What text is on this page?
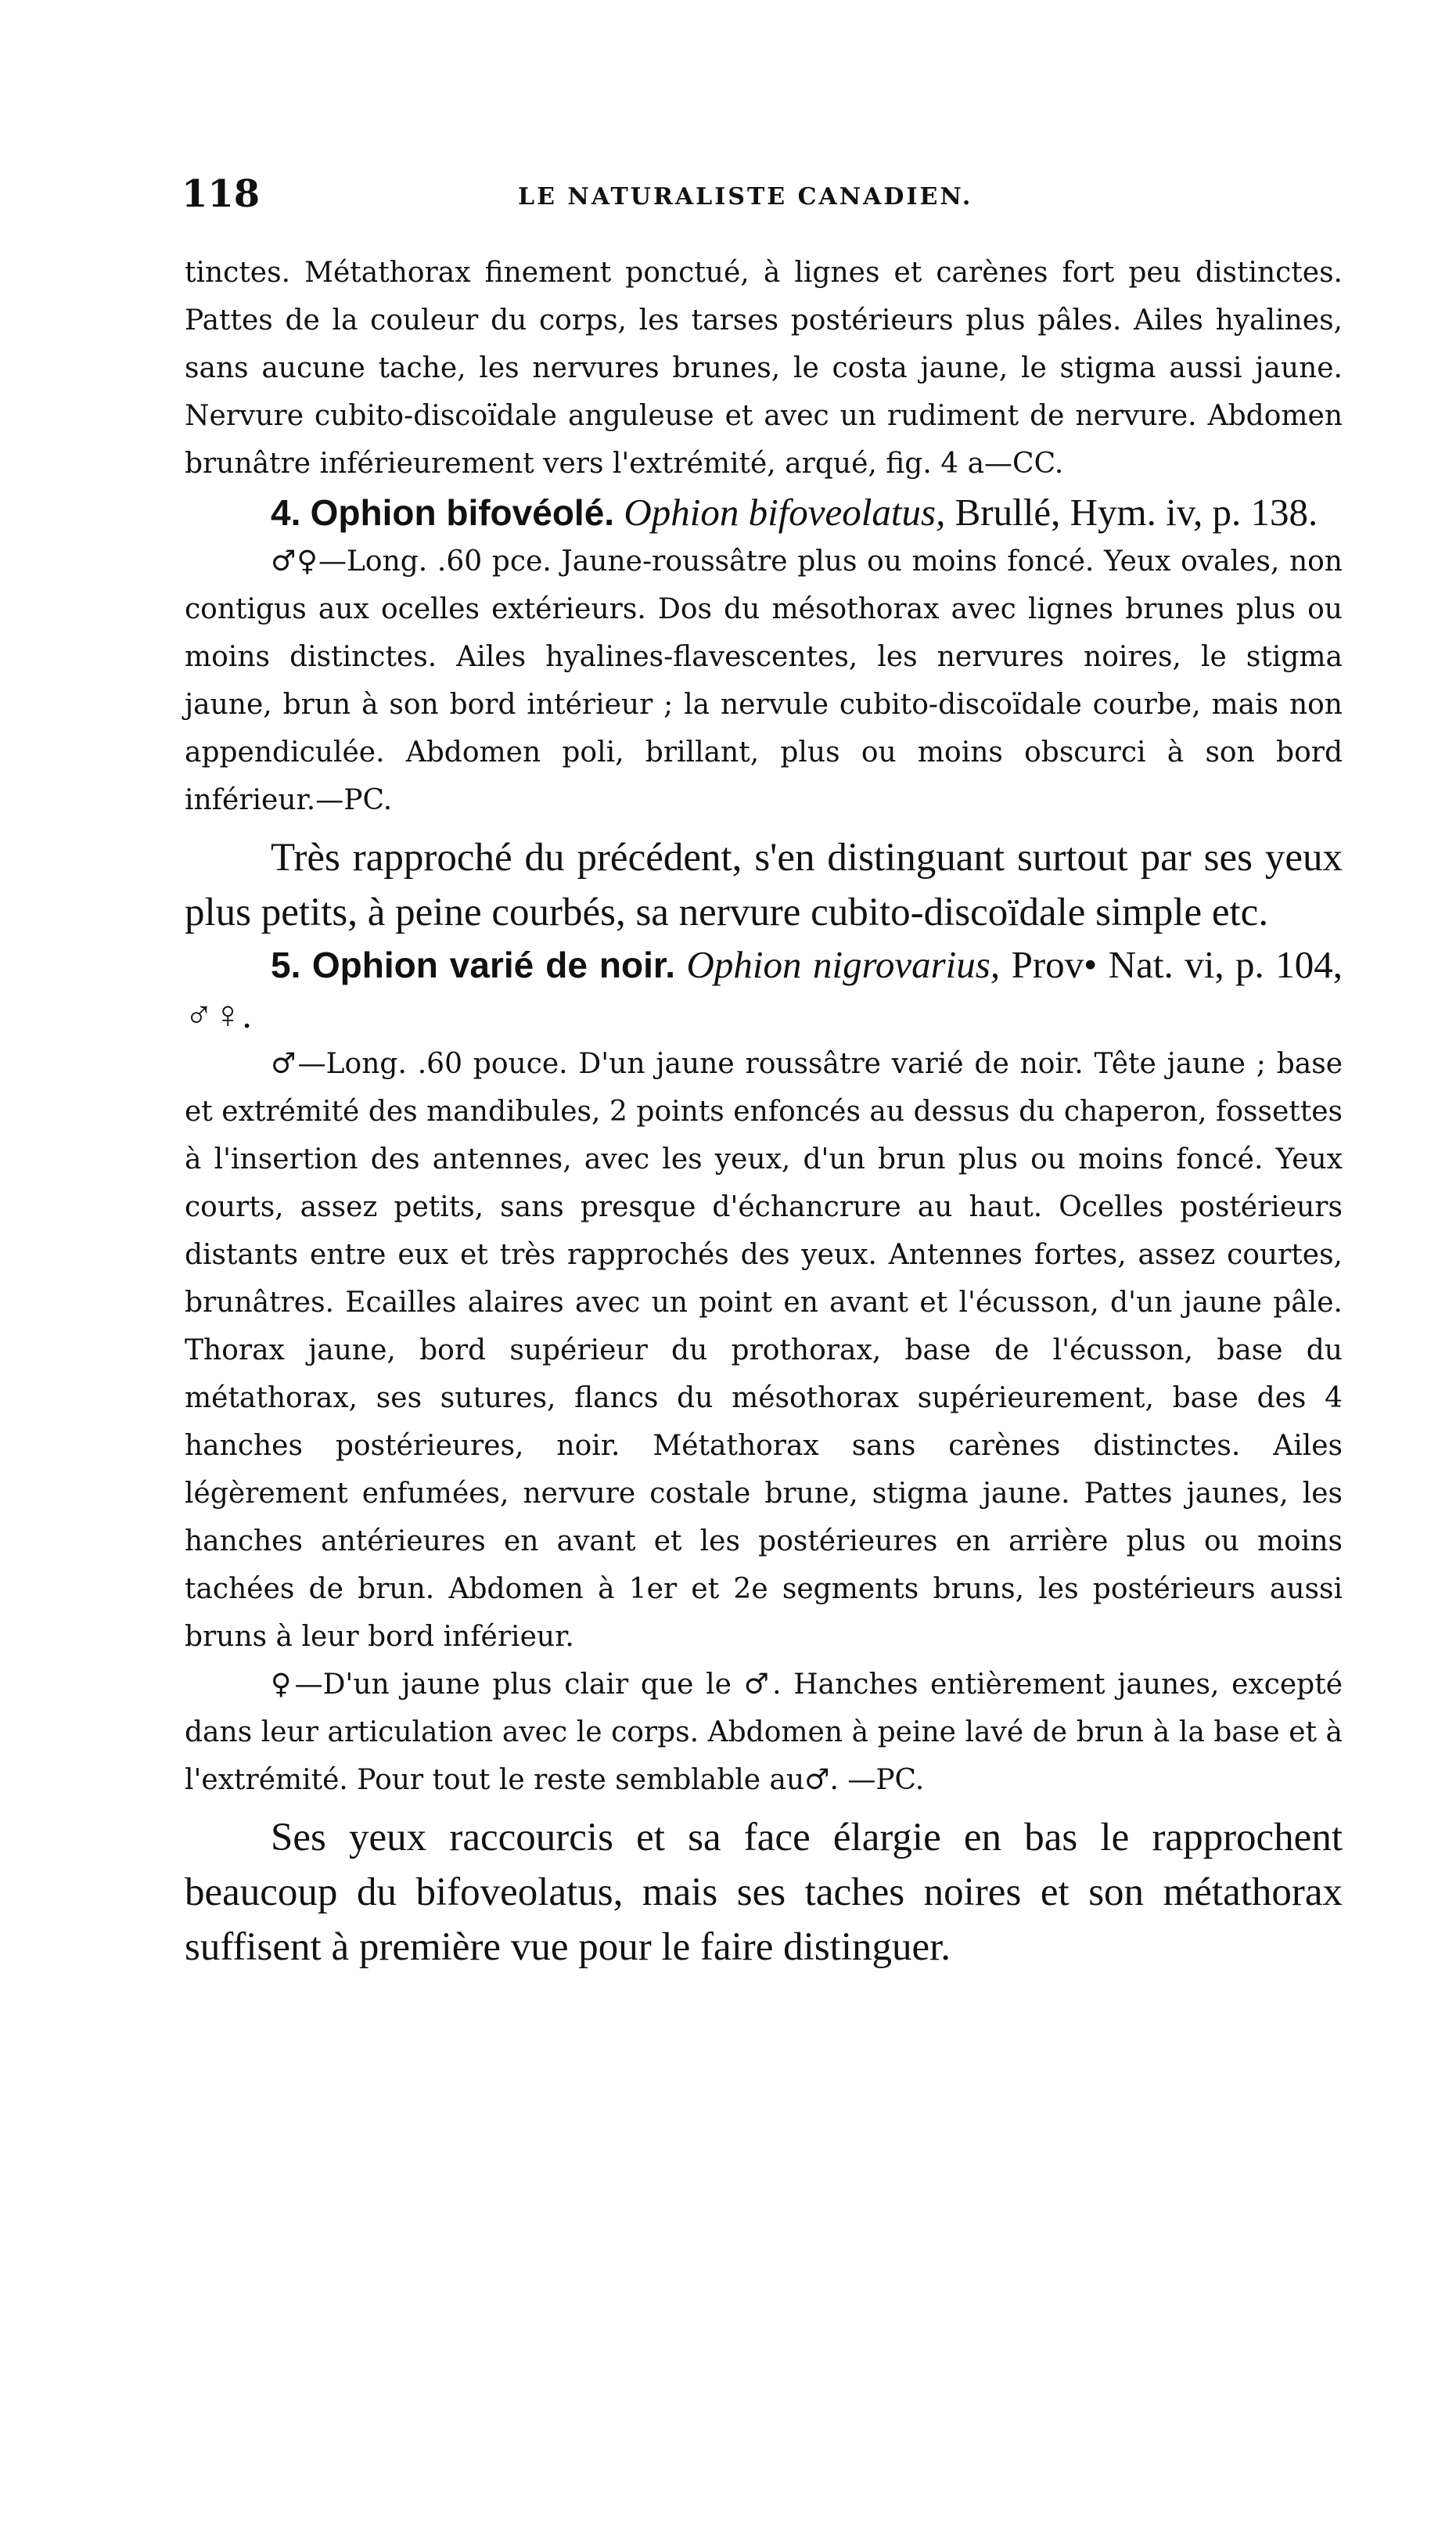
118	LE NATURALISTE CANADIEN.

tinctes. Métathorax finement ponctué, à lignes et carènes fort peu distinctes. Pattes de la couleur du corps, les tarses postérieurs plus pâles. Ailes hyalines, sans aucune tache, les nervures brunes, le costa jaune, le stigma aussi jaune. Nervure cubito-discoïdale anguleuse et avec un rudiment de nervure. Abdomen brunâtre inférieurement vers l'extrémité, arqué, fig. 4 a—CC.

4. Ophion bifovéolé. Ophion bifoveolatus, Brullé, Hym. iv, p. 138.

♂♀—Long. .60 pce. Jaune-roussâtre plus ou moins foncé. Yeux ovales, non contigus aux ocelles extérieurs. Dos du mésothorax avec lignes brunes plus ou moins distinctes. Ailes hyalines-flavescentes, les nervures noires, le stigma jaune, brun à son bord intérieur ; la nervule cubito-discoïdale courbe, mais non appendiculée. Abdomen poli, brillant, plus ou moins obscurci à son bord inférieur.—PC.

Très rapproché du précédent, s'en distinguant surtout par ses yeux plus petits, à peine courbés, sa nervure cubito-discoïdale simple etc.

5. Ophion varié de noir. Ophion nigrovarius, Prov• Nat. vi, p. 104, ♂♀.

♂—Long. .60 pouce. D'un jaune roussâtre varié de noir. Tête jaune ; base et extrémité des mandibules, 2 points enfoncés au dessus du chaperon, fossettes à l'insertion des antennes, avec les yeux, d'un brun plus ou moins foncé. Yeux courts, assez petits, sans presque d'échancrure au haut. Ocelles postérieurs distants entre eux et très rapprochés des yeux. Antennes fortes, assez courtes, brunâtres. Ecailles alaires avec un point en avant et l'écusson, d'un jaune pâle. Thorax jaune, bord supérieur du prothorax, base de l'écusson, base du métathorax, ses sutures, flancs du mésothorax supérieurement, base des 4 hanches postérieures, noir. Métathorax sans carènes distinctes. Ailes légèrement enfumées, nervure costale brune, stigma jaune. Pattes jaunes, les hanches antérieures en avant et les postérieures en arrière plus ou moins tachées de brun. Abdomen à 1er et 2e segments bruns, les postérieurs aussi bruns à leur bord inférieur.

♀—D'un jaune plus clair que le ♂. Hanches entièrement jaunes, excepté dans leur articulation avec le corps. Abdomen à peine lavé de brun à la base et à l'extrémité. Pour tout le reste semblable au♂. —PC.

Ses yeux raccourcis et sa face élargie en bas le rapprochent beaucoup du bifoveolatus, mais ses taches noires et son métathorax suffisent à première vue pour le faire distinguer.
